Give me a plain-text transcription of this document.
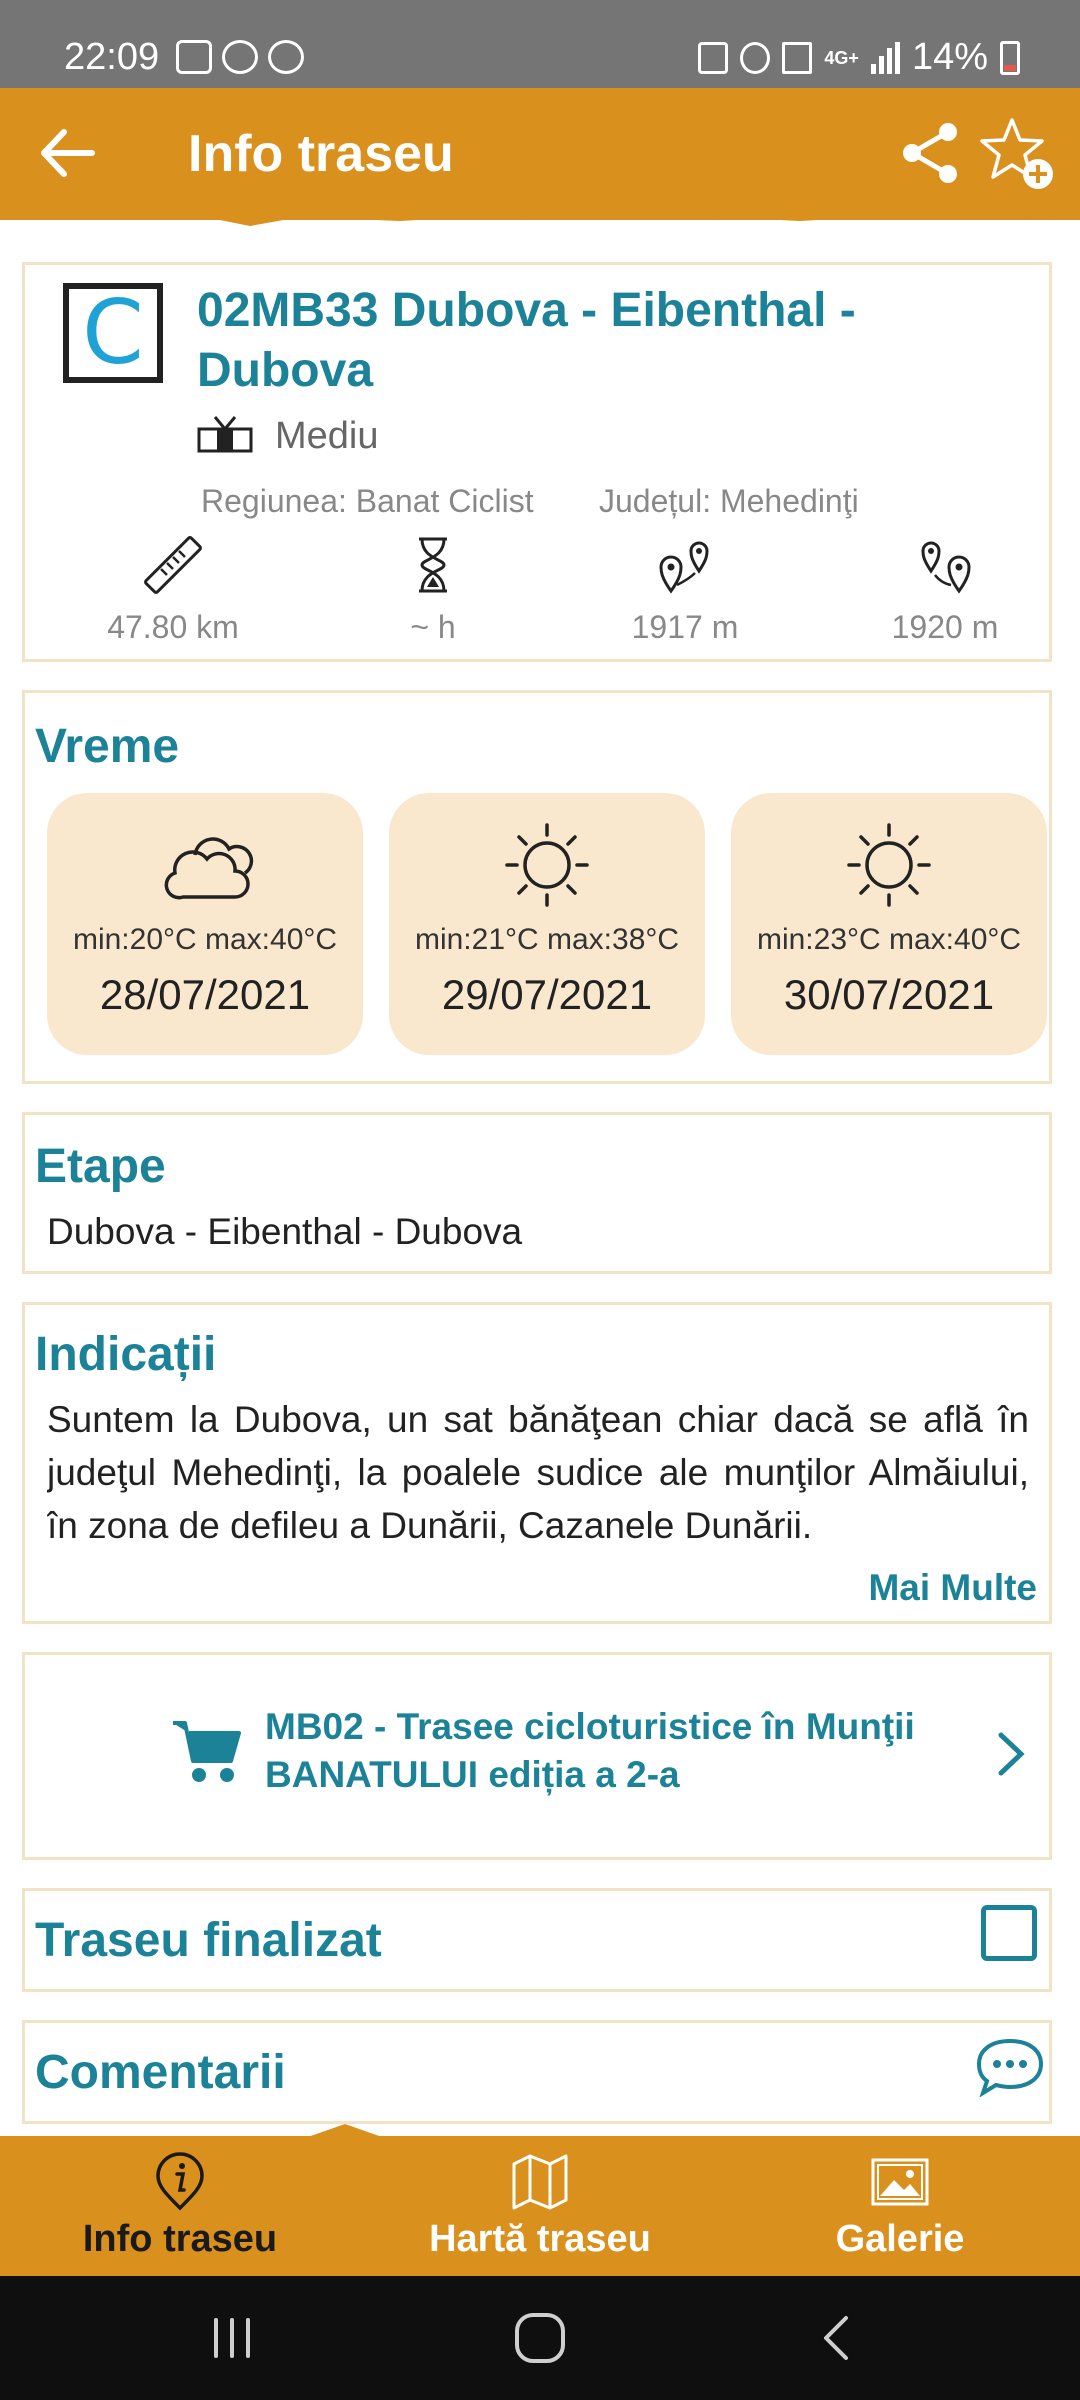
22:09	4G+ 14%
Info traseu
C 02MB33 Dubova - Eibenthal - Dubova
Mediu
Regiunea: Banat Ciclist Județul: Mehedinţi
47.80 km	~ h	1917 m	1920 m
Vreme
min:20°C max:40°C
28/07/2021
min:21°C max:38°C
29/07/2021
min:23°C max:40°C
30/07/2021
Etape
Dubova - Eibenthal - Dubova
Indicații
Suntem la Dubova, un sat bănăţean chiar dacă se află în judeţul Mehedinţi, la poalele sudice ale munţilor Almăiului, în zona de defileu a Dunării, Cazanele Dunării.
Mai Multe
MB02 - Trasee cicloturistice în Munţii BANATULUI ediția a 2-a
Traseu finalizat
Comentarii
Info traseu	Hartă traseu	Galerie
